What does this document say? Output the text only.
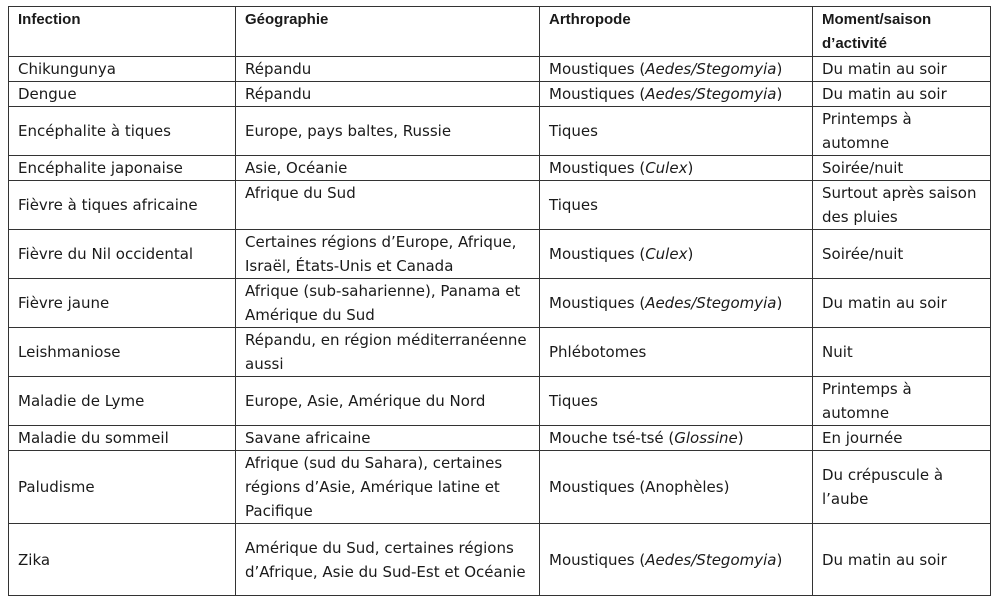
Infection	Géographie	Arthropode	Moment/saison d’activité
Chikungunya	Répandu	Moustiques (Aedes/Stegomyia)	Du matin au soir
Dengue	Répandu	Moustiques (Aedes/Stegomyia)	Du matin au soir
Encéphalite à tiques	Europe, pays baltes, Russie	Tiques	Printemps à automne
Encéphalite japonaise	Asie, Océanie	Moustiques (Culex)	Soirée/nuit
Fièvre à tiques africaine	Afrique du Sud	Tiques	Surtout après saison des pluies
Fièvre du Nil occidental	Certaines régions d’Europe, Afrique, Israël, États-Unis et Canada	Moustiques (Culex)	Soirée/nuit
Fièvre jaune	Afrique (sub-saharienne), Panama et Amérique du Sud	Moustiques (Aedes/Stegomyia)	Du matin au soir
Leishmaniose	Répandu, en région méditerranéenne aussi	Phlébotomes	Nuit
Maladie de Lyme	Europe, Asie, Amérique du Nord	Tiques	Printemps à automne
Maladie du sommeil	Savane africaine	Mouche tsé-tsé (Glossine)	En journée
Paludisme	Afrique (sud du Sahara), certaines régions d’Asie, Amérique latine et Pacifique	Moustiques (Anophèles)	Du crépuscule à l’aube
Zika	Amérique du Sud, certaines régions d’Afrique, Asie du Sud-Est et Océanie	Moustiques (Aedes/Stegomyia)	Du matin au soir
